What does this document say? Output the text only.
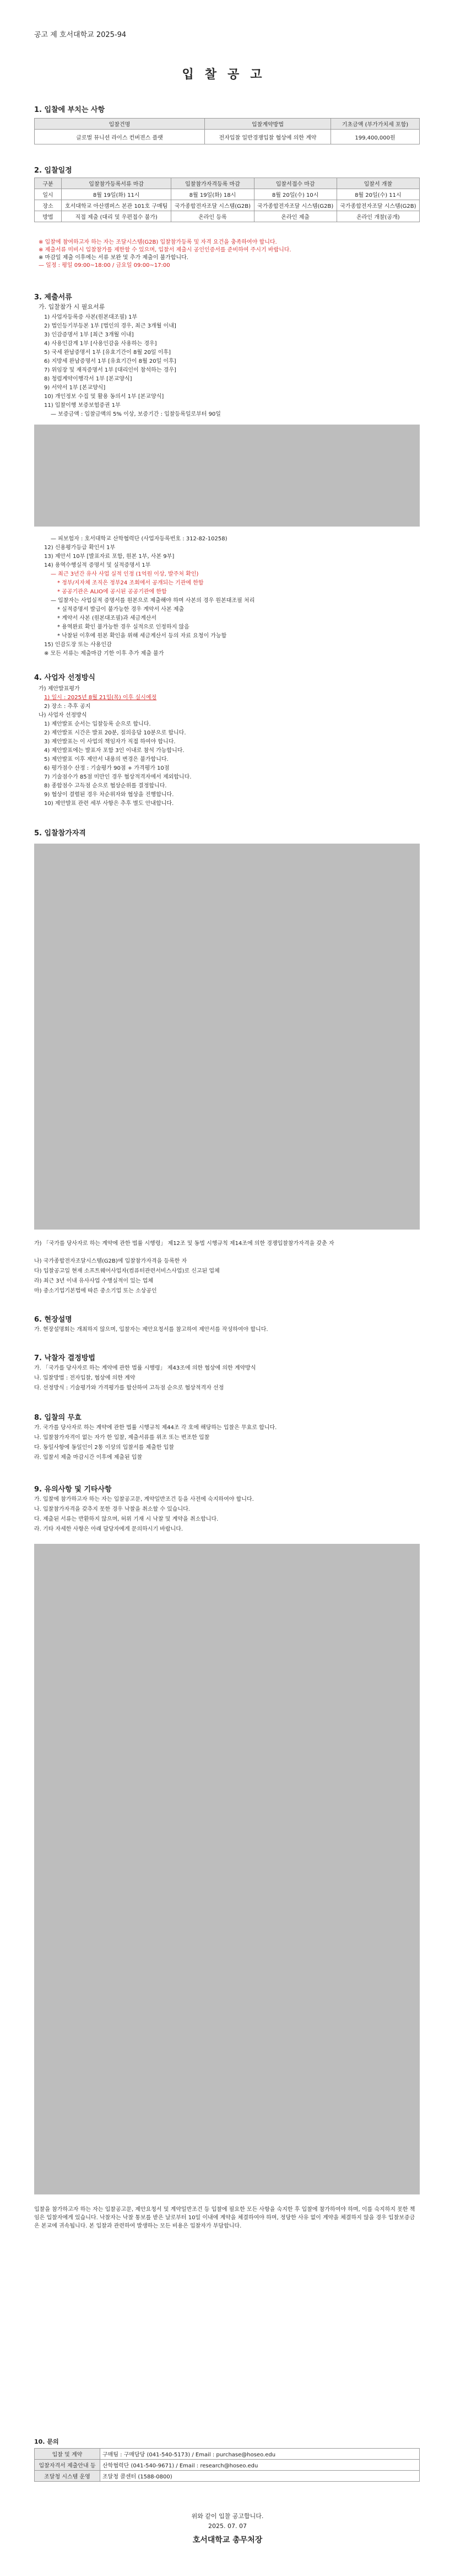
공고 제 호서대학교 2025-94
입찰공고
1. 입찰에 부치는 사항
입찰건명	입찰계약방법	기초금액 (부가가치세 포함)
글로벌 뮤니션 라이스 컨버젼스 플랫	전자입찰 일반경쟁입찰 협상에 의한 계약	199,400,000원
2. 입찰일정
구분	입찰참가등록서류 마감	입찰참가자격등록 마감	입찰서접수 마감	입찰서 개찰
일시	8월 19일(화) 11시	8월 19일(화) 18시	8월 20일(수) 10시	8월 20일(수) 11시
장소	호서대학교 아산캠퍼스 본관 101호 구매팀	국가종합전자조달 시스템(G2B)	국가종합전자조달 시스템(G2B)	국가종합전자조달 시스템(G2B)
방법	직접 제출 (대리 및 우편접수 불가)	온라인 등록	온라인 제출	온라인 개찰(공개)
※ 입찰에 참여하고자 하는 자는 조달시스템(G2B) 입찰참가등록 및 자격 요건을 충족하여야 합니다.
※ 제출서류 미비시 입찰참가를 제한할 수 있으며, 입찰서 제출시 공인인증서를 준비하여 주시기 바랍니다.
※ 마감일 제출 이후에는 서류 보완 및 추가 제출이 불가합니다.
— 일정 : 평일 09:00~18:00 / 금요일 09:00~17:00
3. 제출서류
가. 입찰참가 시 필요서류
1) 사업자등록증 사본(원본대조필) 1부
2) 법인등기부등본 1부 [법인의 경우, 최근 3개월 이내]
3) 인감증명서 1부 [최근 3개월 이내]
4) 사용인감계 1부 [사용인감을 사용하는 경우]
5) 국세 완납증명서 1부 [유효기간이 8월 20일 이후]
6) 지방세 완납증명서 1부 [유효기간이 8월 20일 이후]
7) 위임장 및 재직증명서 1부 [대리인이 참석하는 경우]
8) 청렴계약이행각서 1부 [본교양식]
9) 서약서 1부 [본교양식]
10) 개인정보 수집 및 활용 동의서 1부 [본교양식]
11) 입찰이행 보증보험증권 1부
— 보증금액 : 입찰금액의 5% 이상, 보증기간 : 입찰등록일로부터 90일
— 피보험자 : 호서대학교 산학협력단 (사업자등록번호 : 312-82-10258)
12) 신용평가등급 확인서 1부
13) 제안서 10부 [발표자료 포함, 원본 1부, 사본 9부]
14) 용역수행실적 증명서 및 실적증명서 1부
— 최근 3년간 유사 사업 실적 인정 (1억원 이상, 발주처 확인)
* 정부/지자체 조직은 정부24 조회에서 공개되는 기관에 한함
* 공공기관은 ALIO에 공시된 공공기관에 한함
— 입찰자는 사업실적 증명서를 원본으로 제출해야 하며 사본의 경우 원본대조필 처리
* 실적증명서 발급이 불가능한 경우 계약서 사본 제출
* 계약서 사본 (원본대조필)과 세금계산서
* 용역완료 확인 불가능한 경우 실적으로 인정하지 않음
* 낙찰된 이후에 원본 확인을 위해 세금계산서 등의 자료 요청이 가능함
15) 인감도장 또는 사용인감
※ 모든 서류는 제출마감 기한 이후 추가 제출 불가
4. 사업자 선정방식
가) 제안발표평가
1) 일시 : 2025년 8월 21일(목) 이후 실시예정
2) 장소 : 추후 공지
나) 사업자 선정방식
1) 제안발표 순서는 입찰등록 순으로 합니다.
2) 제안발표 시간은 발표 20분, 질의응답 10분으로 합니다.
3) 제안발표는 이 사업의 책임자가 직접 하여야 합니다.
4) 제안발표에는 발표자 포함 3인 이내로 참석 가능합니다.
5) 제안발표 이후 제안서 내용의 변경은 불가합니다.
6) 평가점수 산정 : 기술평가 90점 + 가격평가 10점
7) 기술점수가 85점 미만인 경우 협상적격자에서 제외합니다.
8) 종합점수 고득점 순으로 협상순위를 결정합니다.
9) 협상이 결렬된 경우 차순위자와 협상을 진행합니다.
10) 제안발표 관련 세부 사항은 추후 별도 안내합니다.
5. 입찰참가자격
가) 「국가를 당사자로 하는 계약에 관한 법률 시행령」 제12조 및 동법 시행규칙 제14조에 의한 경쟁입찰참가자격을 갖춘 자
나) 국가종합전자조달시스템(G2B)에 입찰참가자격을 등록한 자
다) 입찰공고일 현재 소프트웨어사업자(컴퓨터관련서비스사업)로 신고된 업체
라) 최근 3년 이내 유사사업 수행실적이 있는 업체
마) 중소기업기본법에 따른 중소기업 또는 소상공인
6. 현장설명
가. 현장설명회는 개최하지 않으며, 입찰자는 제안요청서를 참고하여 제안서를 작성하여야 합니다.
7. 낙찰자 결정방법
가. 「국가를 당사자로 하는 계약에 관한 법률 시행령」 제43조에 의한 협상에 의한 계약방식
나. 입찰방법 : 전자입찰, 협상에 의한 계약
다. 선정방식 : 기술평가와 가격평가를 합산하여 고득점 순으로 협상적격자 선정
8. 입찰의 무효
가. 국가를 당사자로 하는 계약에 관한 법률 시행규칙 제44조 각 호에 해당하는 입찰은 무효로 합니다.
나. 입찰참가자격이 없는 자가 한 입찰, 제출서류를 위조 또는 변조한 입찰
다. 동일사항에 동일인이 2통 이상의 입찰서를 제출한 입찰
라. 입찰서 제출 마감시간 이후에 제출된 입찰
9. 유의사항 및 기타사항
가. 입찰에 참가하고자 하는 자는 입찰공고문, 계약일반조건 등을 사전에 숙지하여야 합니다.
나. 입찰참가자격을 갖추지 못한 경우 낙찰을 취소할 수 있습니다.
다. 제출된 서류는 반환하지 않으며, 허위 기재 시 낙찰 및 계약을 취소합니다.
라. 기타 자세한 사항은 아래 담당자에게 문의하시기 바랍니다.
입찰을 참가하고자 하는 자는 입찰공고문, 제안요청서 및 계약일반조건 등 입찰에 필요한 모든 사항을 숙지한 후 입찰에 참가하여야 하며, 이를 숙지하지 못한 책임은 입찰자에게 있습니다. 낙찰자는 낙찰 통보를 받은 날로부터 10일 이내에 계약을 체결하여야 하며, 정당한 사유 없이 계약을 체결하지 않을 경우 입찰보증금은 본교에 귀속됩니다. 본 입찰과 관련하여 발생하는 모든 비용은 입찰자가 부담합니다.
10. 문의
입찰 및 계약	구매팀 : 구매담당 (041-540-5173) / Email : purchase@hoseo.edu
입찰자격서 제출안내 등	산학협력단 (041-540-9671) / Email : research@hoseo.edu
조달청 시스템 운영	조달청 콜센터 (1588-0800)
위와 같이 입찰 공고합니다.
2025. 07. 07
호서대학교 총무처장
